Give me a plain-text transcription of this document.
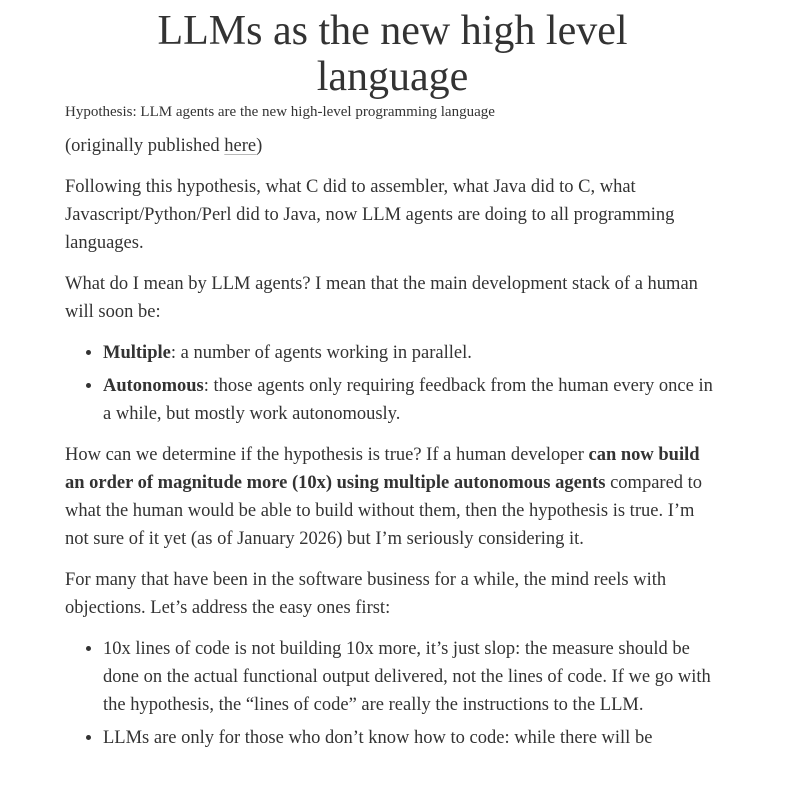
LLMs as the new high level language

Hypothesis: LLM agents are the new high-level programming language

(originally published here)

Following this hypothesis, what C did to assembler, what Java did to C, what Javascript/Python/Perl did to Java, now LLM agents are doing to all programming languages.

What do I mean by LLM agents? I mean that the main development stack of a human will soon be:

• Multiple: a number of agents working in parallel.
• Autonomous: those agents only requiring feedback from the human every once in a while, but mostly work autonomously.

How can we determine if the hypothesis is true? If a human developer can now build an order of magnitude more (10x) using multiple autonomous agents compared to what the human would be able to build without them, then the hypothesis is true. I’m not sure of it yet (as of January 2026) but I’m seriously considering it.

For many that have been in the software business for a while, the mind reels with objections. Let’s address the easy ones first:

• 10x lines of code is not building 10x more, it’s just slop: the measure should be done on the actual functional output delivered, not the lines of code. If we go with the hypothesis, the “lines of code” are really the instructions to the LLM.
• LLMs are only for those who don’t know how to code: while there will be
